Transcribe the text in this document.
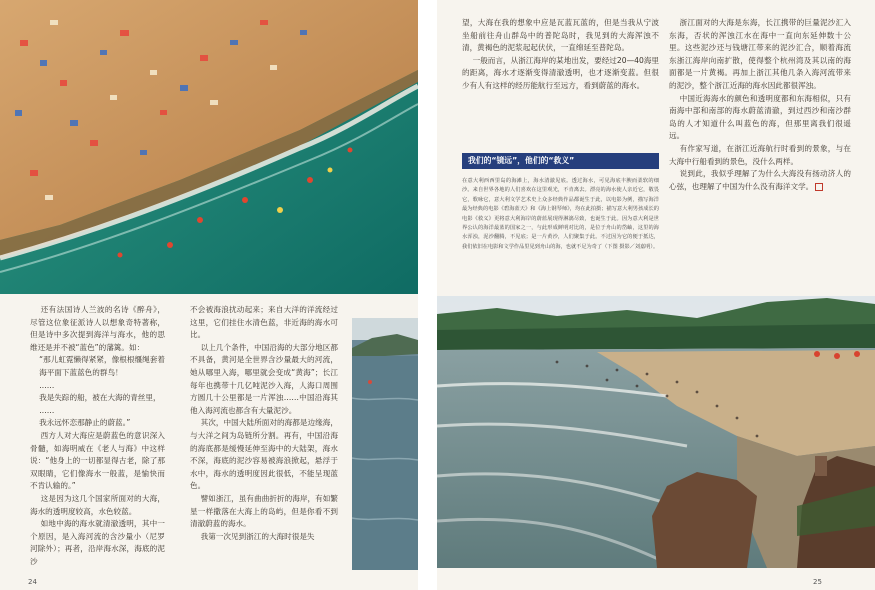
还有法国诗人兰波的名诗《醉舟》，尽管这位象征派诗人以想象奇特著称，但是诗中多次提到海洋与海水，他的思维还是并不被“蓝色”的藩篱。如：

“那儿虹霓懒得紧紧，像根根缰绳套着海平面下蓝蓝色的群鸟！

……

我是失踪的船，被在大海的青丝里，

……

我永远怀恋那静止的蔚蓝。”

西方人对大海应是蔚蓝色的意识深入骨髓，如海明威在《老人与海》中这样说：“他身上的一切都显得古老，除了那双眼睛，它们像海水一般蓝，是愉快而不肯认输的。”

这是因为这几个国家所面对的大海，海水的透明度较高，水色较蓝。

如地中海的海水就清澈透明，其中一个原因，是入海河流的含沙量小（尼罗河除外）；再者，沿岸海水深，海底的泥沙

不会被海浪扰动起来；来自大洋的洋流经过这里，它们挂住水清色蓝，非近海的海水可比。

以上几个条件，中国沿海的大部分地区都不具备，黄河是全世界含沙量最大的河流，她从哪里入海，哪里就会变成“黄海”；长江每年也携带十几亿吨泥沙入海，人海口周围方圆几十公里都是一片浑浊……中国沿海其他入海河流也都含有大量泥沙。

其次，中国大陆所面对的海都是边缘海，与大洋之间为岛链所分割。再有，中国沿海的海底都是缓慢延伸至海中的大陆架，海水不深，海底的泥沙容易被海浪掀起，悬浮于水中，海水的透明度因此很低，不能呈现蓝色。

譬如浙江，虽有曲曲折折的海岸，有如繁星一样撒落在大海上的岛屿，但是你看不到清澈蔚蓝的海水。

我第一次见到浙江的大海时很是失

24

望，大海在我的想象中应是瓦蓝瓦蓝的，但是当我从宁波坐船前往舟山群岛中的普陀岛时，我见到的大海浑浊不清，黄褐色的泥浆起起伏伏，一直绵延至普陀岛。

一般而言，从浙江海岸的某地出发，要经过20—40海里的距离，海水才逐渐变得清澈透明，也才逐渐变蓝。但很少有人有这样的经历能航行至远方，看到蔚蓝的海水。

浙江面对的大海是东海，长江携带的巨量泥沙汇入东海，否状的浑浊江水在海中一直向东延伸数十公里。这些泥沙还与钱塘江带来的泥沙汇合，顺着海流东浙江海岸向南扩散，使得整个杭州湾及其以南的海面都是一片黄褐。再加上浙江其他几条入海河流带来的泥沙，整个浙江近海的海水因此都很浑浊。

中国近海海水的颜色和透明度都和东海相似，只有南海中部和南部的海水蔚蓝清澈，到过西沙和南沙群岛的人才知道什么叫蓝色的海，但那里离我们很遥远。

有作家写道，在浙江近海航行时看到的景象，与在大海中行船看到的景色，没什么两样。

说到此，我似乎理解了为什么大海没有扬动济人的心弦，也理解了中国为什么没有海洋文学。

25
我们的“镜远”，他们的“救义”

在意大利西西里岛的海滩上，海水清澈见底。透过海水，可见海底丰腴而柔软的细沙。来自世界各地的人们喜欢在这里观光，不肯离去。漂亮的海水使人亲近它，敬畏它，歌咏它，意大利文学艺术史上众多经典作品都诞生于此，以电影为例，描写海洋最为经典的电影《碧海蓝天》和《海上钢琴师》，均在此拍摄；描写意大利男孩成长的电影《救义》更将意大利海岸的蔚蓝展现得淋漓尽致，也诞生于此。因为意大利是世界公认的海洋最蓝的国家之一，与此形成鲜明对比的，是位于舟山的岱岫，这里的海水浑浊，泥沙翻腾，不见底；是一片黄沙，人们聚集于此。不过因为它的便于抵达，我们依旧在电影和文学作品里见到舟山的海，也就不足为奇了（下图 摄影／刘嘉明）。
